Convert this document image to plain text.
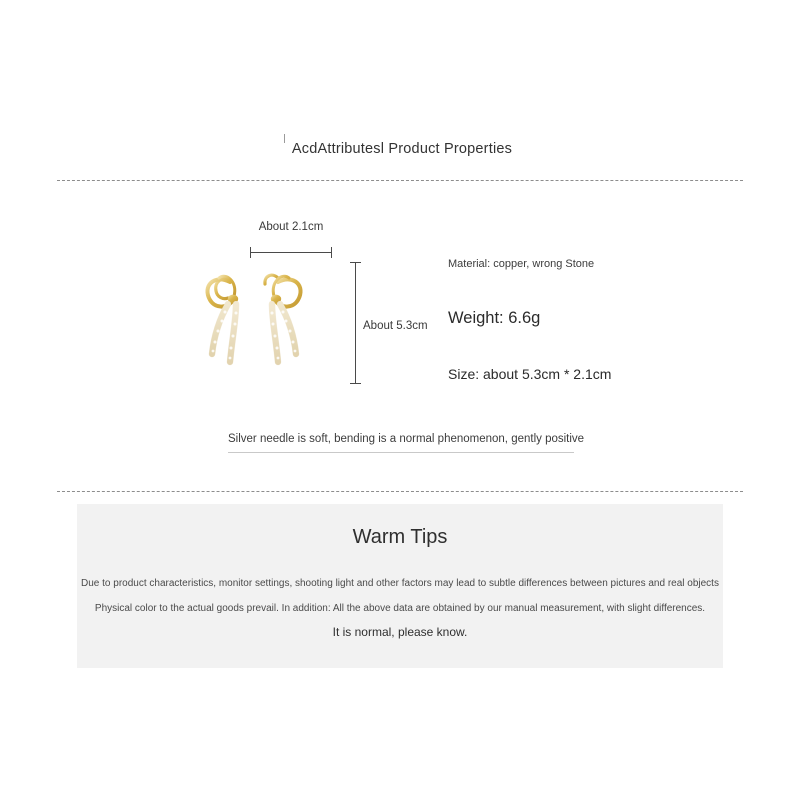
AcdAttributesl Product Properties
About 2.1cm
About 5.3cm
Material: copper, wrong Stone
Weight: 6.6g
Size: about 5.3cm * 2.1cm
Silver needle is soft, bending is a normal phenomenon, gently positive
Warm Tips
Due to product characteristics, monitor settings, shooting light and other factors may lead to subtle differences between pictures and real objects
Physical color to the actual goods prevail. In addition: All the above data are obtained by our manual measurement, with slight differences.
It is normal, please know.
